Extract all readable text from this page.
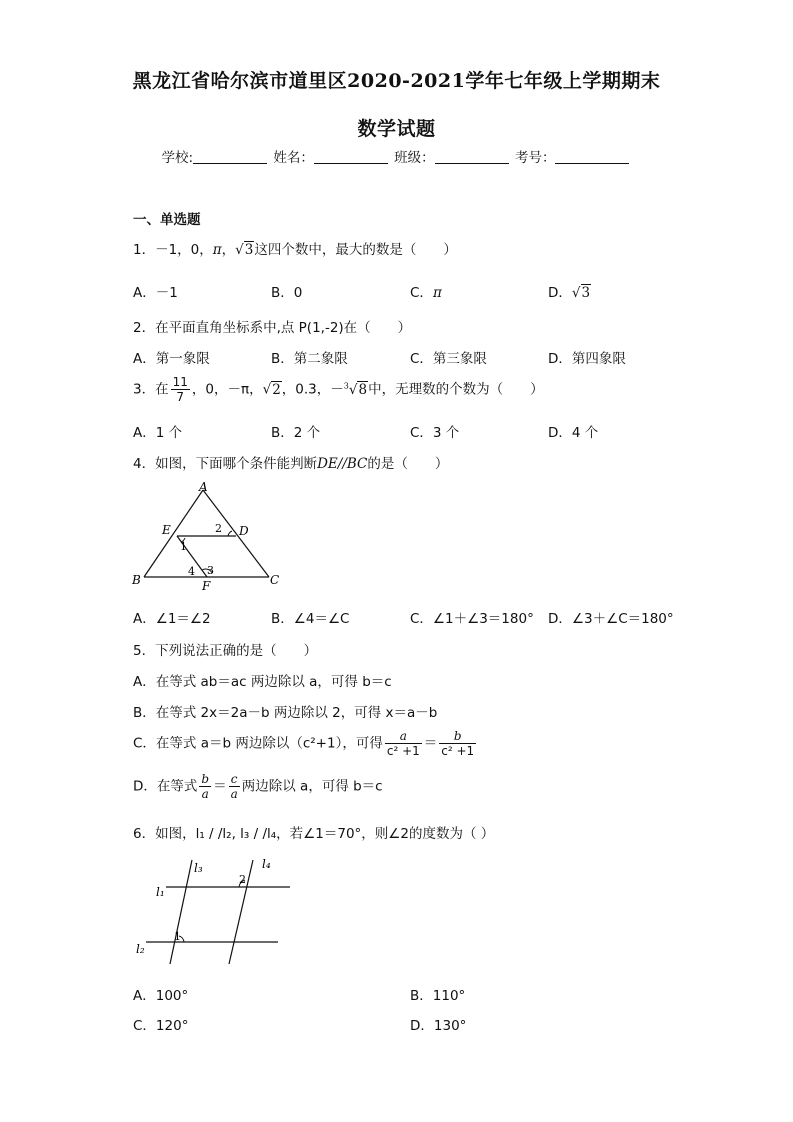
黑龙江省哈尔滨市道里区2020-2021学年七年级上学期期末
数学试题
学校:	姓名：	班级：	考号：
一、单选题
1．－1，0，π，√3这四个数中，最大的数是（　　）
A．－1	B．0	C．π	D．√3
2．在平面直角坐标系中,点 P(1,-2)在（　　）
A．第一象限	B．第二象限	C．第三象限	D．第四象限
3．在 $\frac{11}{7}$ ，0，－π，√2，0.3，－$^3$√8中，无理数的个数为（　　）
A．1 个	B．2 个	C．3 个	D．4 个
4．如图，下面哪个条件能判断DE//BC的是（　　）
A
B	C
D
E
F
1
2
3
4
A．∠1＝∠2	B．∠4＝∠C	C．∠1＋∠3＝180° D．∠3＋∠C＝180°
5．下列说法正确的是（　　）
A．在等式 ab＝ac 两边除以 a，可得 b＝c
B．在等式 2x＝2a－b 两边除以 2，可得 x＝a－b
C．在等式 a＝b 两边除以（c²+1），可得 $\frac{a}{\text{c² +1}} = \frac{b}{\text{c² +1}}$
D．在等式 $\frac{b}{a} = \frac{c}{a}$ 两边除以 a，可得 b＝c
6．如图，l₁ / /l₂, l₃ / /l₄，若∠1＝70°，则∠2的度数为（ ）
l₃	l₄
l₁
l₂
1
2
A．100°	B．110°
C．120°	D．130°
